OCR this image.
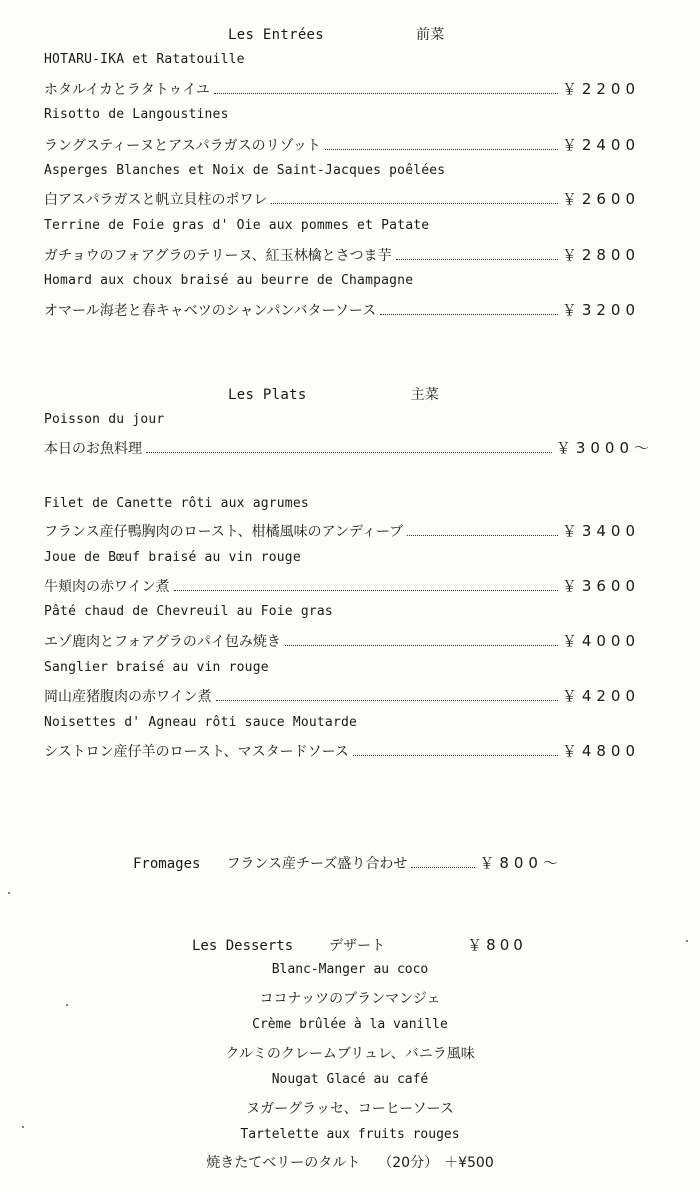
Les Entrées	前菜
HOTARU-IKA et Ratatouille
ホタルイカとラタトゥイユ	￥2200
Risotto de Langoustines
ラングスティーヌとアスパラガスのリゾット	￥2400
Asperges Blanches et Noix de Saint-Jacques poêlées
白アスパラガスと帆立貝柱のポワレ	￥2600
Terrine de Foie gras d' Oie aux pommes et Patate
ガチョウのフォアグラのテリーヌ、紅玉林檎とさつま芋	￥2800
Homard aux choux braisé au beurre de Champagne
オマール海老と春キャベツのシャンパンバターソース	￥3200
Les Plats	主菜
Poisson du jour
本日のお魚料理	￥3000～
Filet de Canette rôti aux agrumes
フランス産仔鴨胸肉のロースト、柑橘風味のアンディーブ	￥3400
Joue de Bœuf braisé au vin rouge
牛頬肉の赤ワイン煮	￥3600
Pâté chaud de Chevreuil au Foie gras
エゾ鹿肉とフォアグラのパイ包み焼き	￥4000
Sanglier braisé au vin rouge
岡山産猪腹肉の赤ワイン煮	￥4200
Noisettes d' Agneau rôti sauce Moutarde
シストロン産仔羊のロースト、マスタードソース	￥4800
Fromages フランス産チーズ盛り合わせ	￥800～
Les Desserts	デザート	￥800
Blanc-Manger au coco
ココナッツのブランマンジェ
Crème brûlée à la vanille
クルミのクレームブリュレ、バニラ風味
Nougat Glacé au café
ヌガーグラッセ、コーヒーソース
Tartelette aux fruits rouges
焼きたてベリーのタルト （20分） ＋¥500
